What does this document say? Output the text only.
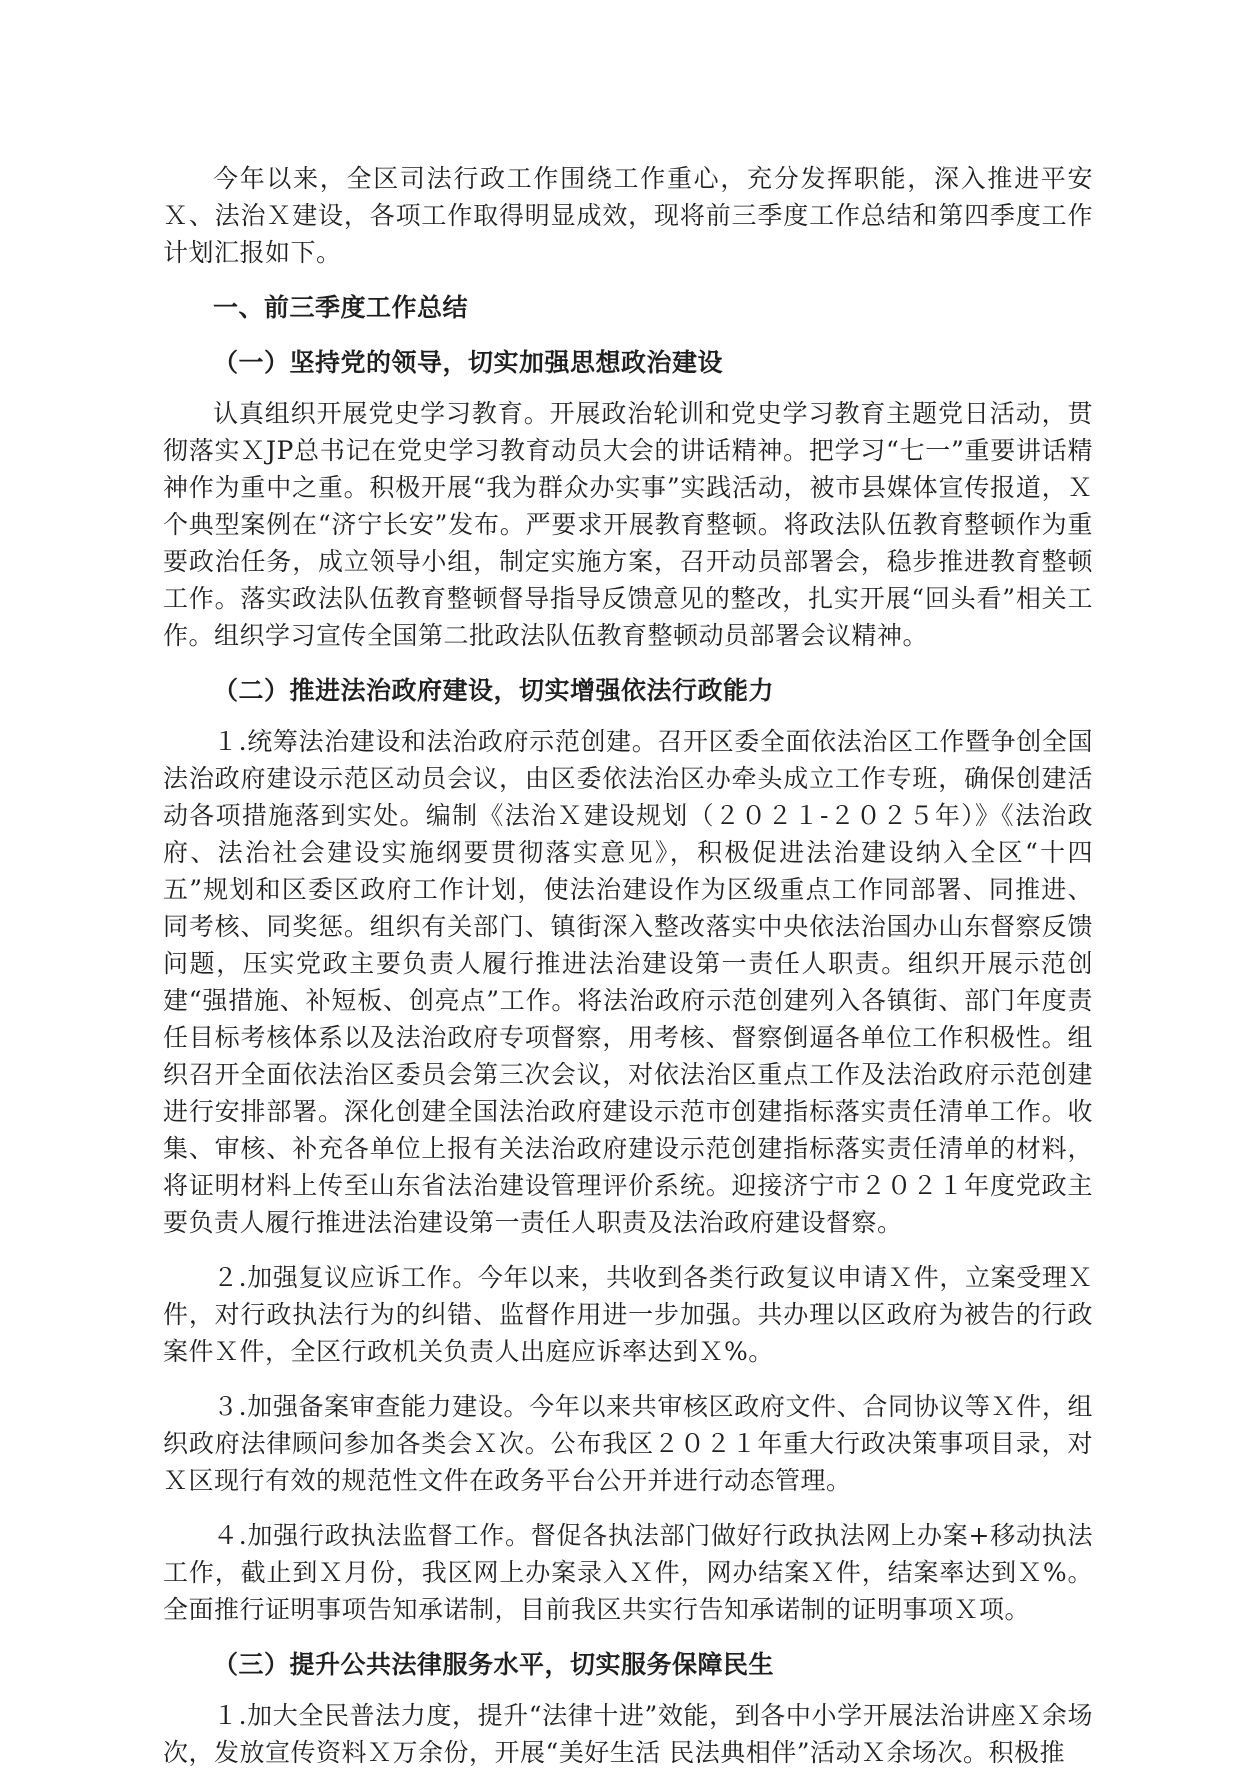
今年以来，全区司法行政工作围绕工作重心，充分发挥职能，深入推进平安Ｘ、法治Ｘ建设，各项工作取得明显成效，现将前三季度工作总结和第四季度工作计划汇报如下。

一、前三季度工作总结

（一）坚持党的领导，切实加强思想政治建设

认真组织开展党史学习教育。开展政治轮训和党史学习教育主题党日活动，贯彻落实ＸJP总书记在党史学习教育动员大会的讲话精神。把学习“七一”重要讲话精神作为重中之重。积极开展“我为群众办实事”实践活动，被市县媒体宣传报道，Ｘ个典型案例在“济宁长安”发布。严要求开展教育整顿。将政法队伍教育整顿作为重要政治任务，成立领导小组，制定实施方案，召开动员部署会，稳步推进教育整顿工作。落实政法队伍教育整顿督导指导反馈意见的整改，扎实开展“回头看”相关工作。组织学习宣传全国第二批政法队伍教育整顿动员部署会议精神。

（二）推进法治政府建设，切实增强依法行政能力

１.统筹法治建设和法治政府示范创建。召开区委全面依法治区工作暨争创全国法治政府建设示范区动员会议，由区委依法治区办牵头成立工作专班，确保创建活动各项措施落到实处。编制《法治Ｘ建设规划（２０２１-２０２５年）》《法治政府、法治社会建设实施纲要贯彻落实意见》，积极促进法治建设纳入全区“十四五”规划和区委区政府工作计划，使法治建设作为区级重点工作同部署、同推进、同考核、同奖惩。组织有关部门、镇街深入整改落实中央依法治国办山东督察反馈问题，压实党政主要负责人履行推进法治建设第一责任人职责。组织开展示范创建“强措施、补短板、创亮点”工作。将法治政府示范创建列入各镇街、部门年度责任目标考核体系以及法治政府专项督察，用考核、督察倒逼各单位工作积极性。组织召开全面依法治区委员会第三次会议，对依法治区重点工作及法治政府示范创建进行安排部署。深化创建全国法治政府建设示范市创建指标落实责任清单工作。收集、审核、补充各单位上报有关法治政府建设示范创建指标落实责任清单的材料，将证明材料上传至山东省法治建设管理评价系统。迎接济宁市２０２１年度党政主要负责人履行推进法治建设第一责任人职责及法治政府建设督察。

２.加强复议应诉工作。今年以来，共收到各类行政复议申请Ｘ件，立案受理Ｘ件，对行政执法行为的纠错、监督作用进一步加强。共办理以区政府为被告的行政案件Ｘ件，全区行政机关负责人出庭应诉率达到Ｘ%。

３.加强备案审查能力建设。今年以来共审核区政府文件、合同协议等Ｘ件，组织政府法律顾问参加各类会Ｘ次。公布我区２０２１年重大行政决策事项目录，对Ｘ区现行有效的规范性文件在政务平台公开并进行动态管理。

４.加强行政执法监督工作。督促各执法部门做好行政执法网上办案+移动执法工作，截止到Ｘ月份，我区网上办案录入Ｘ件，网办结案Ｘ件，结案率达到Ｘ%。全面推行证明事项告知承诺制，目前我区共实行告知承诺制的证明事项Ｘ项。

（三）提升公共法律服务水平，切实服务保障民生

１.加大全民普法力度，提升“法律十进”效能，到各中小学开展法治讲座Ｘ余场次，发放宣传资料Ｘ万余份，开展“美好生活 民法典相伴”活动Ｘ余场次。积极推
